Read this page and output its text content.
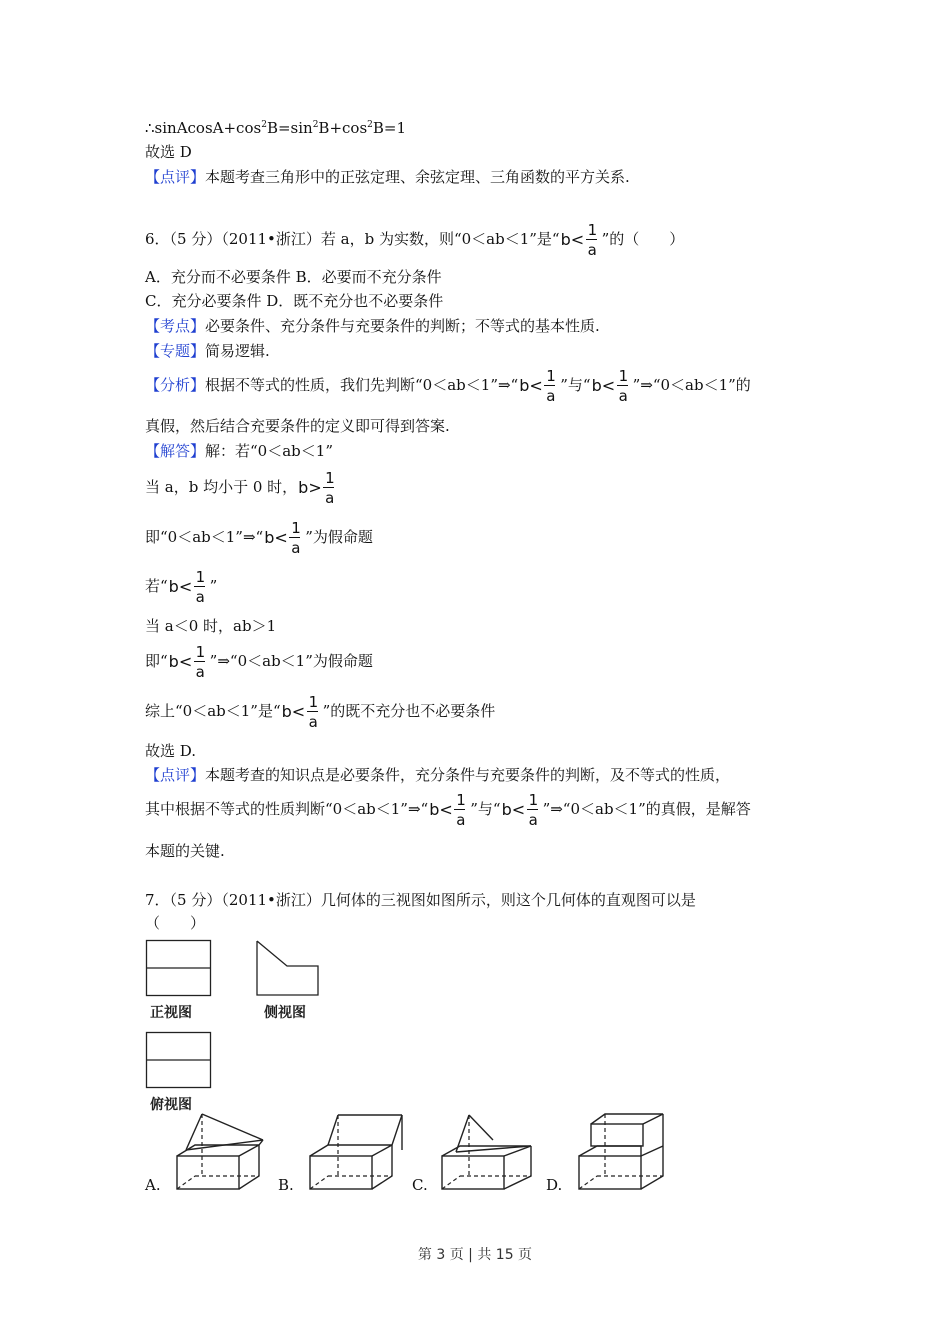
$\therefore sinAcosA+\cos^2B=\sin^2B+\cos^2B=1$
故选 D
【点评】本题考查三角形中的正弦定理、余弦定理、三角函数的平方关系.
6．（5 分）（2011•浙江）若 a，b 为实数，则“0＜ab＜1”是“ b< 1
a
”的（　　）
A．充分而不必要条件 B．必要而不充分条件
C．充分必要条件 D．既不充分也不必要条件
【考点】必要条件、充分条件与充要条件的判断；不等式的基本性质.
【专题】简易逻辑.
【分析】根据不等式的性质，我们先判断“0＜ab＜1”⇒“ b< 1
a
”与“ b< 1
a
”⇒“0＜ab＜1”的
真假，然后结合充要条件的定义即可得到答案.
【解答】解：若“0＜ab＜1”
当 a，b 均小于 0 时， b> 1
a
即“0＜ab＜1”⇒“ b< 1
a
”为假命题
若“ b< 1
a
”
当 a＜0 时，ab＞1
即“ b< 1
a
”⇒“0＜ab＜1”为假命题
综上“0＜ab＜1”是“ b< 1
a
”的既不充分也不必要条件
故选 D.
【点评】本题考查的知识点是必要条件，充分条件与充要条件的判断，及不等式的性质，
其中根据不等式的性质判断“0＜ab＜1”⇒“ b< 1
a
”与“ b< 1
a
”⇒“0＜ab＜1”的真假，是解答
本题的关键.
7．（5 分）（2011•浙江）几何体的三视图如图所示，则这个几何体的直观图可以是
（　　）
正视图	侧视图
俯视图
A.	B.	C.	D.
第 3 页 | 共 15 页
